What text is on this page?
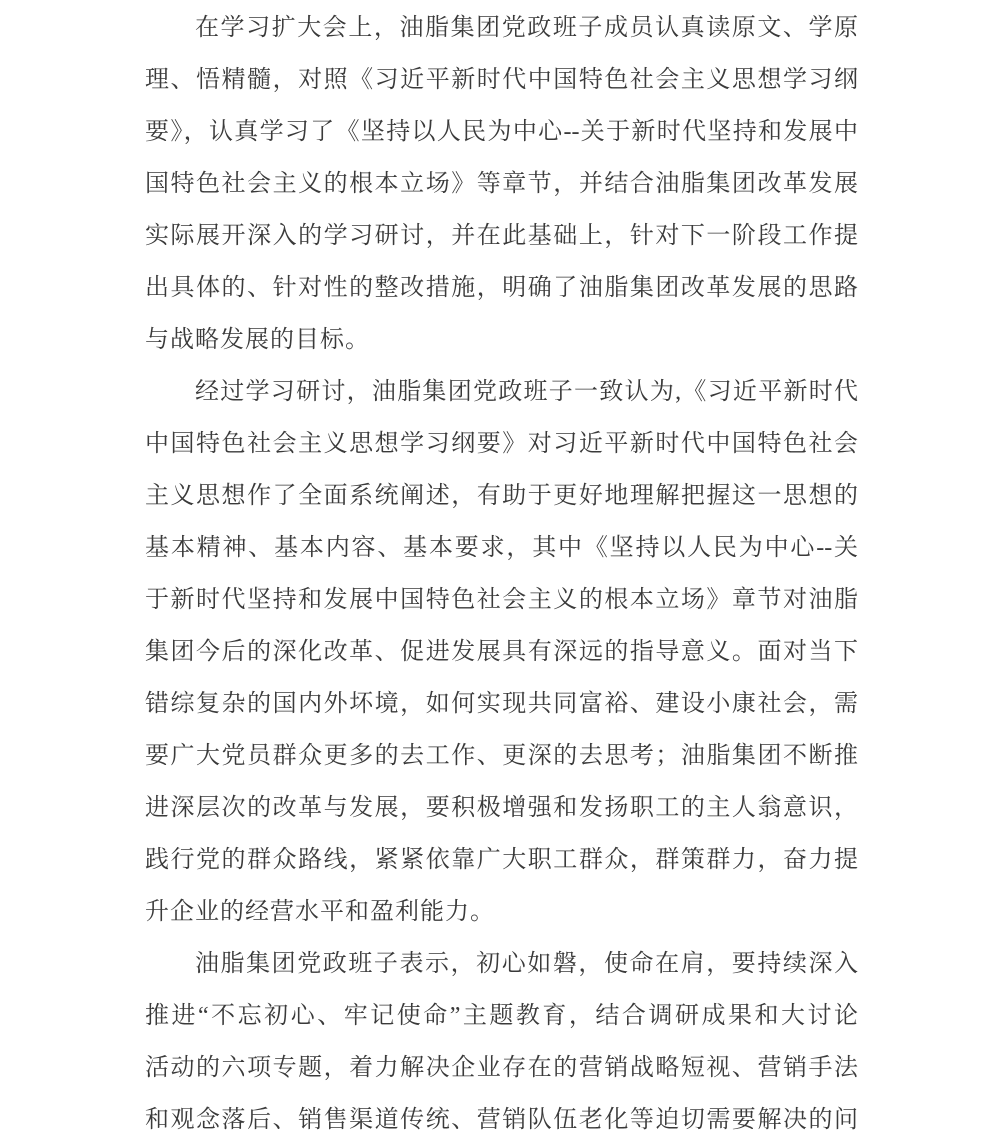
在学习扩大会上，油脂集团党政班子成员认真读原文、学原
理、悟精髓，对照《习近平新时代中国特色社会主义思想学习纲
要》，认真学习了《坚持以人民为中心--关于新时代坚持和发展中
国特色社会主义的根本立场》等章节，并结合油脂集团改革发展
实际展开深入的学习研讨，并在此基础上，针对下一阶段工作提
出具体的、针对性的整改措施，明确了油脂集团改革发展的思路
与战略发展的目标。
经过学习研讨，油脂集团党政班子一致认为,《习近平新时代
中国特色社会主义思想学习纲要》对习近平新时代中国特色社会
主义思想作了全面系统阐述，有助于更好地理解把握这一思想的
基本精神、基本内容、基本要求，其中《坚持以人民为中心--关
于新时代坚持和发展中国特色社会主义的根本立场》章节对油脂
集团今后的深化改革、促进发展具有深远的指导意义。面对当下
错综复杂的国内外坏境，如何实现共同富裕、建设小康社会，需
要广大党员群众更多的去工作、更深的去思考；油脂集团不断推
进深层次的改革与发展，要积极增强和发扬职工的主人翁意识，
践行党的群众路线，紧紧依靠广大职工群众，群策群力，奋力提
升企业的经营水平和盈利能力。
油脂集团党政班子表示，初心如磐，使命在肩，要持续深入
推进“不忘初心、牢记使命”主题教育，结合调研成果和大讨论
活动的六项专题，着力解决企业存在的营销战略短视、营销手法
和观念落后、销售渠道传统、营销队伍老化等迫切需要解决的问
